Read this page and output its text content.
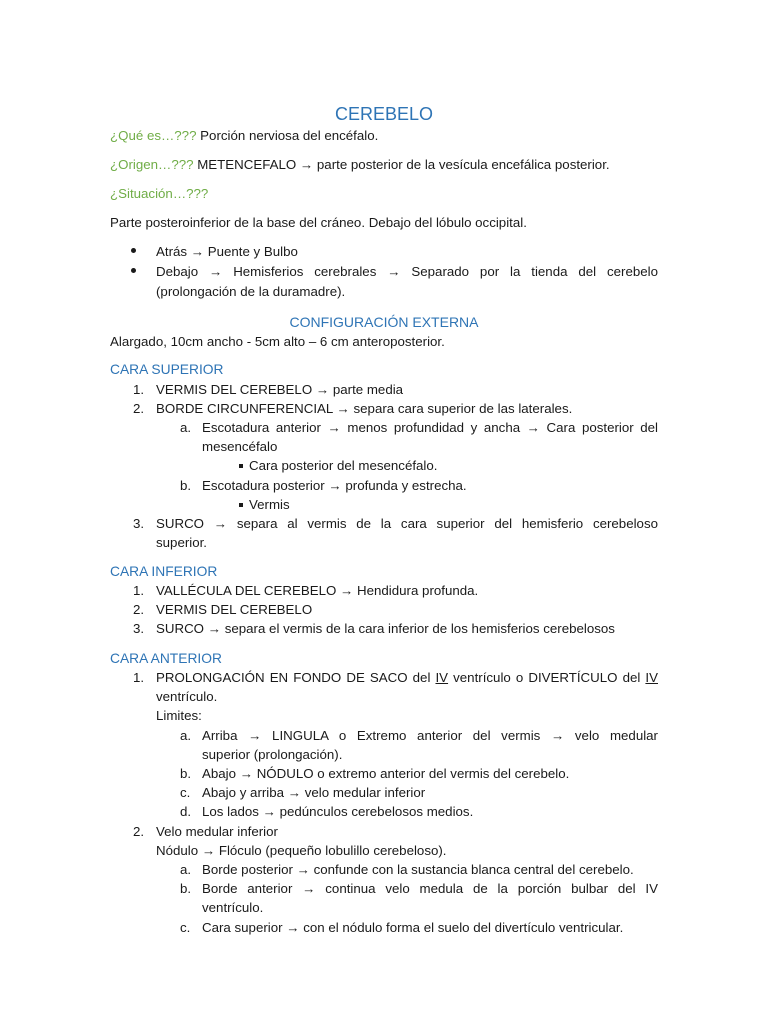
CEREBELO
¿Qué es…??? Porción nerviosa del encéfalo.
¿Origen…??? METENCEFALO → parte posterior de la vesícula encefálica posterior.
¿Situación…???
Parte posteroinferior de la base del cráneo. Debajo del lóbulo occipital.
Atrás → Puente y Bulbo
Debajo → Hemisferios cerebrales → Separado por la tienda del cerebelo
(prolongación de la duramadre).
CONFIGURACIÓN EXTERNA
Alargado, 10cm ancho - 5cm alto – 6 cm anteroposterior.
CARA SUPERIOR
1. VERMIS DEL CEREBELO → parte media
2. BORDE CIRCUNFERENCIAL → separa cara superior de las laterales.
a. Escotadura anterior → menos profundidad y ancha → Cara posterior del
mesencéfalo
Cara posterior del mesencéfalo.
b. Escotadura posterior → profunda y estrecha.
Vermis
3. SURCO → separa al vermis de la cara superior del hemisferio cerebeloso
superior.
CARA INFERIOR
1. VALLÉCULA DEL CEREBELO → Hendidura profunda.
2. VERMIS DEL CEREBELO
3. SURCO → separa el vermis de la cara inferior de los hemisferios cerebelosos
CARA ANTERIOR
1. PROLONGACIÓN EN FONDO DE SACO del IV ventrículo o DIVERTÍCULO del IV
ventrículo.
Limites:
a. Arriba → LINGULA o Extremo anterior del vermis → velo medular
superior (prolongación).
b. Abajo → NÓDULO o extremo anterior del vermis del cerebelo.
c. Abajo y arriba → velo medular inferior
d. Los lados → pedúnculos cerebelosos medios.
2. Velo medular inferior
Nódulo → Flóculo (pequeño lobulillo cerebeloso).
a. Borde posterior → confunde con la sustancia blanca central del cerebelo.
b. Borde anterior → continua velo medula de la porción bulbar del IV
ventrículo.
c. Cara superior → con el nódulo forma el suelo del divertículo ventricular.
